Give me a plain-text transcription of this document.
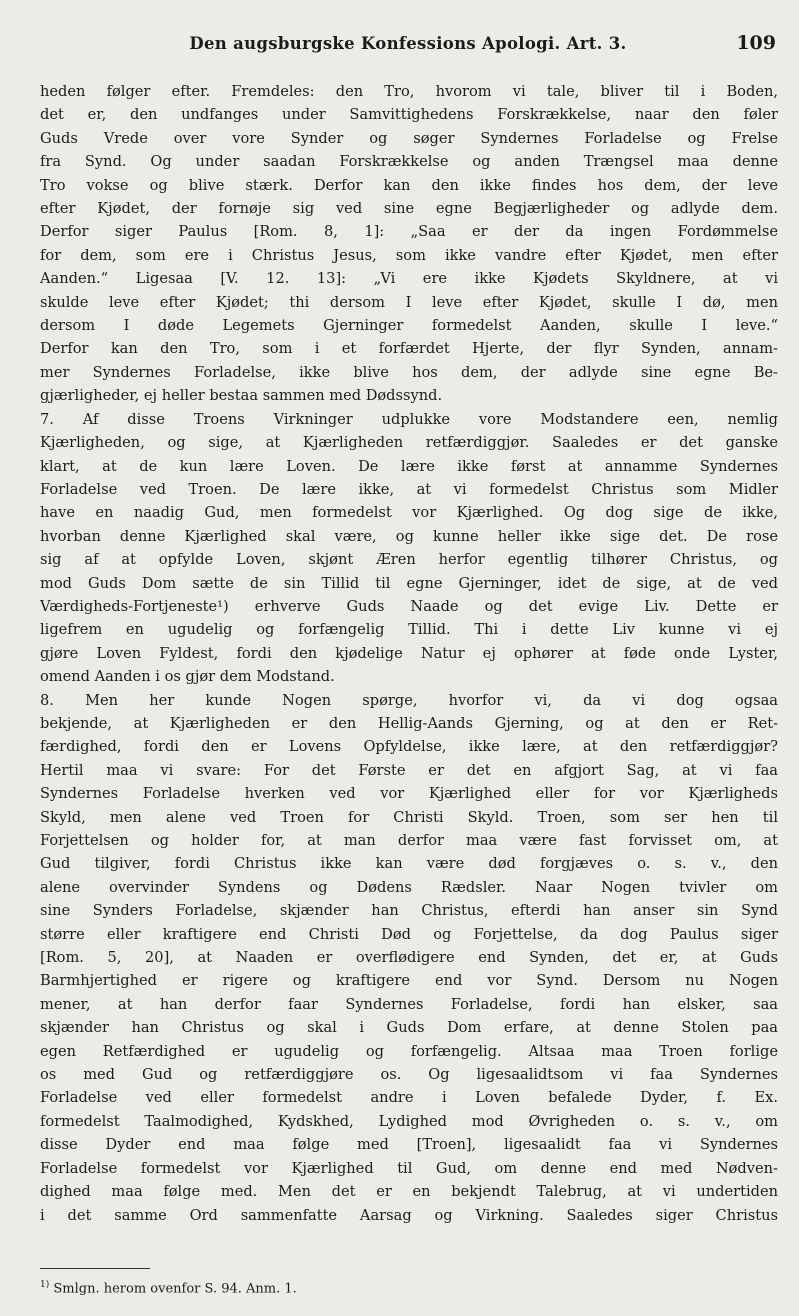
Den augsburgske Konfessions Apologi. Art. 3.	109
heden følger efter. Fremdeles: den Tro, hvorom vi tale, bliver til i Boden,
det er, den undfanges under Samvittighedens Forskrækkelse, naar den føler
Guds Vrede over vore Synder og søger Syndernes Forladelse og Frelse
fra Synd. Og under saadan Forskrækkelse og anden Trængsel maa denne
Tro vokse og blive stærk. Derfor kan den ikke findes hos dem, der leve
efter Kjødet, der fornøje sig ved sine egne Begjærligheder og adlyde dem.
Derfor siger Paulus [Rom. 8, 1]: „Saa er der da ingen Fordømmelse
for dem, som ere i Christus Jesus, som ikke vandre efter Kjødet, men efter
Aanden.“ Ligesaa [V. 12. 13]: „Vi ere ikke Kjødets Skyldnere, at vi
skulde leve efter Kjødet; thi dersom I leve efter Kjødet, skulle I dø, men
dersom I døde Legemets Gjerninger formedelst Aanden, skulle I leve.“
Derfor kan den Tro, som i et forfærdet Hjerte, der flyr Synden, annam-
mer Syndernes Forladelse, ikke blive hos dem, der adlyde sine egne Be-
gjærligheder, ej heller bestaa sammen med Dødssynd.
7. Af disse Troens Virkninger udplukke vore Modstandere een, nemlig
Kjærligheden, og sige, at Kjærligheden retfærdiggjør. Saaledes er det ganske
klart, at de kun lære Loven. De lære ikke først at annamme Syndernes
Forladelse ved Troen. De lære ikke, at vi formedelst Christus som Midler
have en naadig Gud, men formedelst vor Kjærlighed. Og dog sige de ikke,
hvorban denne Kjærlighed skal være, og kunne heller ikke sige det. De rose
sig af at opfylde Loven, skjønt Æren herfor egentlig tilhører Christus, og
mod Guds Dom sætte de sin Tillid til egne Gjerninger, idet de sige, at de ved
Værdigheds-Fortjeneste¹) erhverve Guds Naade og det evige Liv. Dette er
ligefrem en ugudelig og forfængelig Tillid. Thi i dette Liv kunne vi ej
gjøre Loven Fyldest, fordi den kjødelige Natur ej ophører at føde onde Lyster,
omend Aanden i os gjør dem Modstand.
8. Men her kunde Nogen spørge, hvorfor vi, da vi dog ogsaa
bekjende, at Kjærligheden er den Hellig-Aands Gjerning, og at den er Ret-
færdighed, fordi den er Lovens Opfyldelse, ikke lære, at den retfærdiggjør?
Hertil maa vi svare: For det Første er det en afgjort Sag, at vi faa
Syndernes Forladelse hverken ved vor Kjærlighed eller for vor Kjærligheds
Skyld, men alene ved Troen for Christi Skyld. Troen, som ser hen til
Forjettelsen og holder for, at man derfor maa være fast forvisset om, at
Gud tilgiver, fordi Christus ikke kan være død forgjæves o. s. v., den
alene overvinder Syndens og Dødens Rædsler. Naar Nogen tvivler om
sine Synders Forladelse, skjænder han Christus, efterdi han anser sin Synd
større eller kraftigere end Christi Død og Forjettelse, da dog Paulus siger
[Rom. 5, 20], at Naaden er overflødigere end Synden, det er, at Guds
Barmhjertighed er rigere og kraftigere end vor Synd. Dersom nu Nogen
mener, at han derfor faar Syndernes Forladelse, fordi han elsker, saa
skjænder han Christus og skal i Guds Dom erfare, at denne Stolen paa
egen Retfærdighed er ugudelig og forfængelig. Altsaa maa Troen forlige
os med Gud og retfærdiggjøre os. Og ligesaalidtsom vi faa Syndernes
Forladelse ved eller formedelst andre i Loven befalede Dyder, f. Ex.
formedelst Taalmodighed, Kydskhed, Lydighed mod Øvrigheden o. s. v., om
disse Dyder end maa følge med [Troen], ligesaalidt faa vi Syndernes
Forladelse formedelst vor Kjærlighed til Gud, om denne end med Nødven-
dighed maa følge med. Men det er en bekjendt Talebrug, at vi undertiden
i det samme Ord sammenfatte Aarsag og Virkning. Saaledes siger Christus
$^{1)}$ Smlgn. herom ovenfor S. 94. Anm. 1.
